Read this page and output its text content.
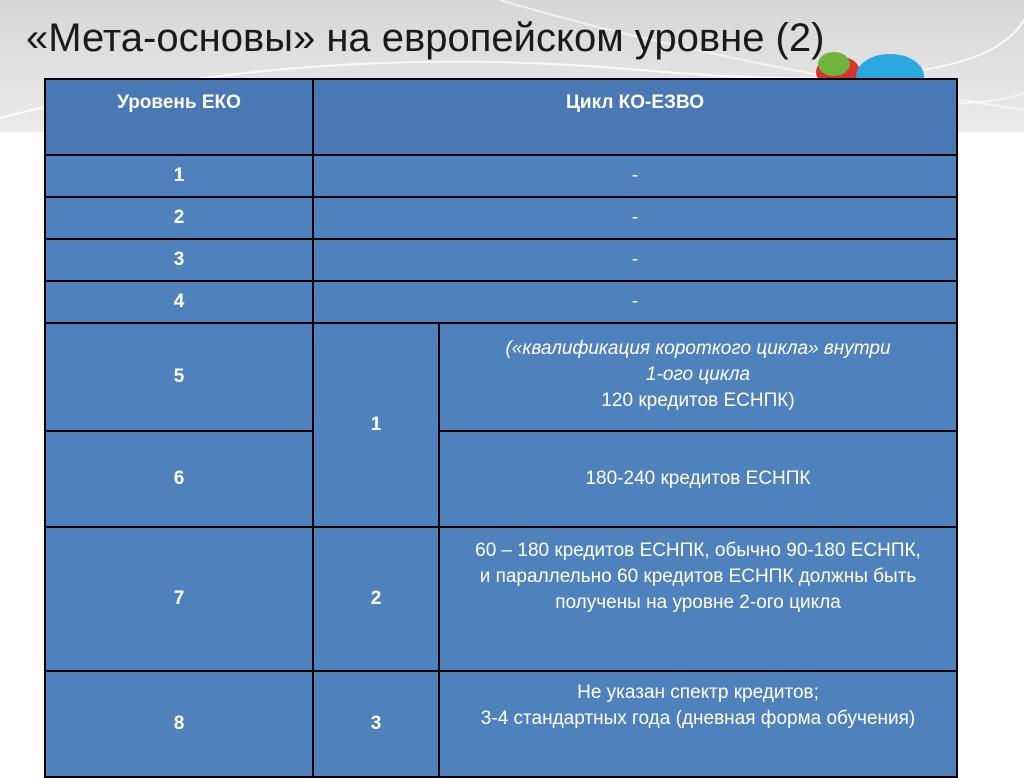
«Мета-основы» на европейском уровне (2)
Уровень ЕКО	Цикл КО-ЕЗВО	
1	-	
2	-	
3	-	
4	-	
5	1	(«квалификация короткого цикла» внутри
1-ого цикла
120 кредитов ЕСНПК)

6		180-240 кредитов ЕСНПК
7	2	60 – 180 кредитов ЕСНПК, обычно 90-180 ЕСНПК,
и параллельно 60 кредитов ЕСНПК должны быть получены на уровне 2-ого цикла

8	3	Не указан спектр кредитов;
3-4 стандартных года (дневная форма обучения)
